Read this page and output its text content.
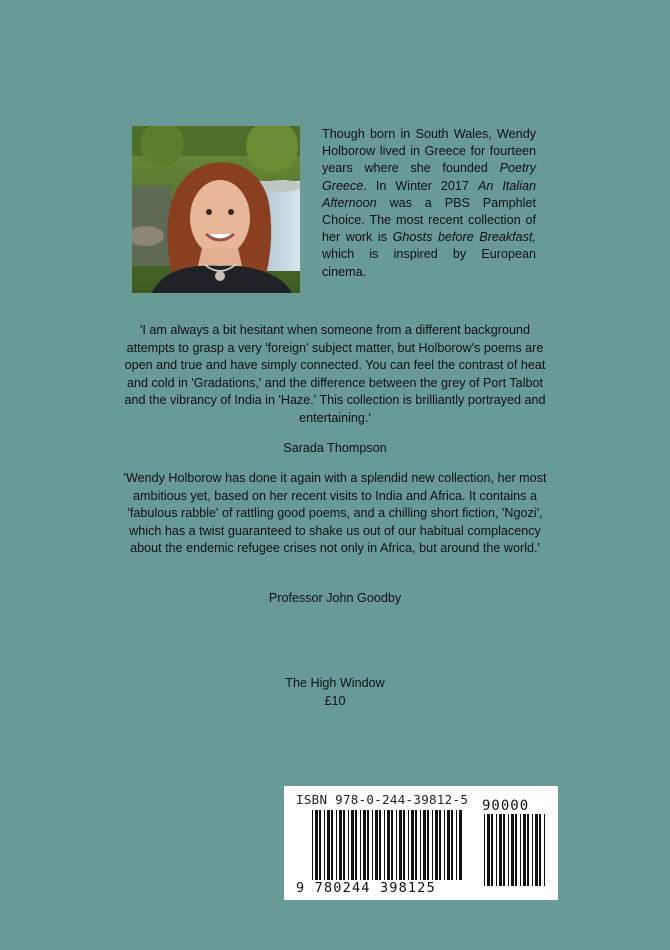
Though born in South Wales, Wendy Holborow lived in Greece for fourteen years where she founded Poetry Greece. In Winter 2017 An Italian Afternoon was a PBS Pamphlet Choice. The most recent collection of her work is Ghosts before Breakfast, which is inspired by European cinema.

'I am always a bit hesitant when someone from a different background attempts to grasp a very 'foreign' subject matter, but Holborow's poems are open and true and have simply connected. You can feel the contrast of heat and cold in 'Gradations,' and the difference between the grey of Port Talbot and the vibrancy of India in 'Haze.' This collection is brilliantly portrayed and entertaining.'

Sarada Thompson

'Wendy Holborow has done it again with a splendid new collection, her most ambitious yet, based on her recent visits to India and Africa. It contains a 'fabulous rabble' of rattling good poems, and a chilling short fiction, 'Ngozi', which has a twist guaranteed to shake us out of our habitual complacency about the endemic refugee crises not only in Africa, but around the world.'

Professor John Goodby

The High Window
£10
ISBN 978-0-244-39812-5 90000
9 780244 398125
